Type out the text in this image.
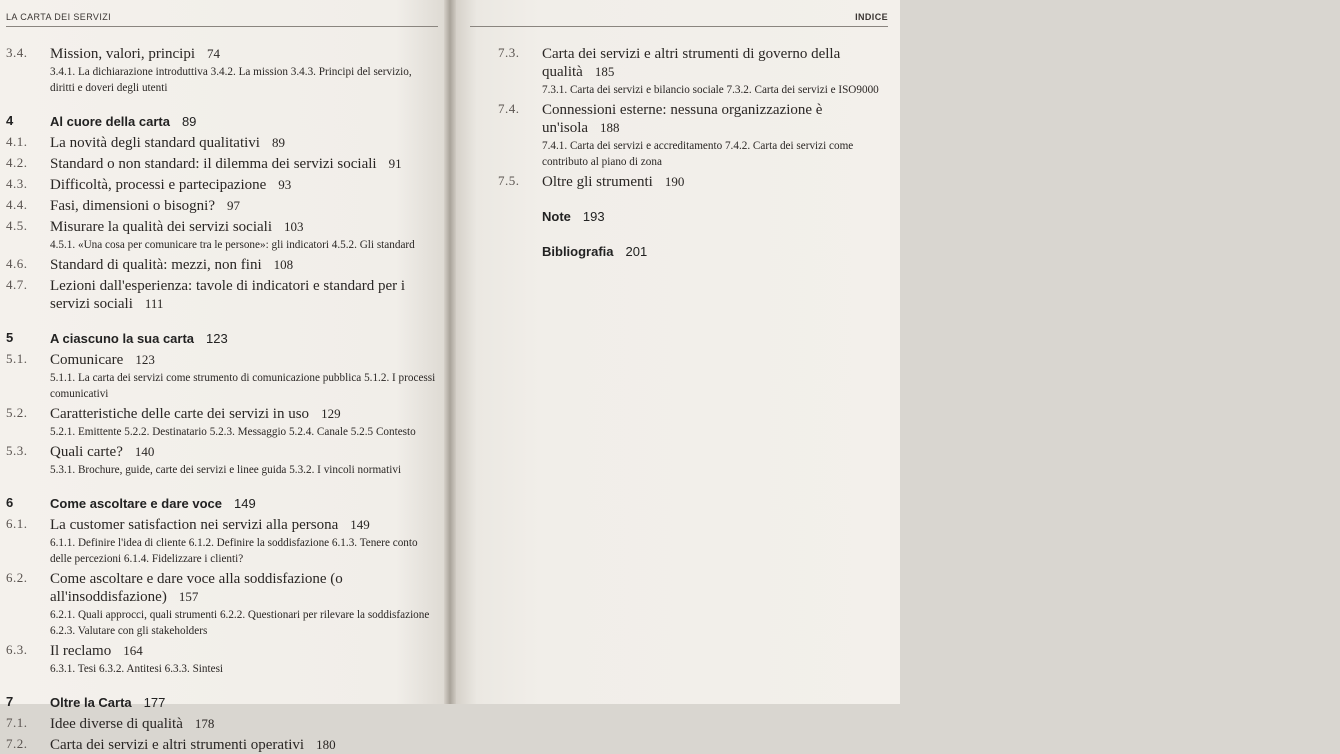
LA CARTA DEI SERVIZI
3.4.	Mission, valori, principi 74
3.4.1. La dichiarazione introduttiva 3.4.2. La mission 3.4.3. Principi del servizio, diritti e doveri degli utenti
4	Al cuore della carta 89
4.1.	La novità degli standard qualitativi 89
4.2.	Standard o non standard: il dilemma dei servizi sociali 91
4.3.	Difficoltà, processi e partecipazione 93
4.4.	Fasi, dimensioni o bisogni? 97
4.5.	Misurare la qualità dei servizi sociali 103
4.5.1. «Una cosa per comunicare tra le persone»: gli indicatori 4.5.2. Gli standard
4.6.	Standard di qualità: mezzi, non fini 108
4.7.	Lezioni dall'esperienza: tavole di indicatori e standard per i servizi sociali 111
5	A ciascuno la sua carta 123
5.1.	Comunicare 123
5.1.1. La carta dei servizi come strumento di comunicazione pubblica 5.1.2. I processi comunicativi
5.2.	Caratteristiche delle carte dei servizi in uso 129
5.2.1. Emittente 5.2.2. Destinatario 5.2.3. Messaggio 5.2.4. Canale 5.2.5 Contesto
5.3.	Quali carte? 140
5.3.1. Brochure, guide, carte dei servizi e linee guida 5.3.2. I vincoli normativi
6	Come ascoltare e dare voce 149
6.1.	La customer satisfaction nei servizi alla persona 149
6.1.1. Definire l'idea di cliente 6.1.2. Definire la soddisfazione 6.1.3. Tenere conto delle percezioni 6.1.4. Fidelizzare i clienti?
6.2.	Come ascoltare e dare voce alla soddisfazione (o all'insoddisfazione) 157
6.2.1. Quali approcci, quali strumenti 6.2.2. Questionari per rilevare la soddisfazione 6.2.3. Valutare con gli stakeholders
6.3.	Il reclamo 164
6.3.1. Tesi 6.3.2. Antitesi 6.3.3. Sintesi
7	Oltre la Carta 177
7.1.	Idee diverse di qualità 178
7.2.	Carta dei servizi e altri strumenti operativi 180
INDICE
7.3.	Carta dei servizi e altri strumenti di governo della qualità 185
7.3.1. Carta dei servizi e bilancio sociale 7.3.2. Carta dei servizi e ISO9000
7.4.	Connessioni esterne: nessuna organizzazione è un'isola 188
7.4.1. Carta dei servizi e accreditamento 7.4.2. Carta dei servizi come contributo al piano di zona
7.5.	Oltre gli strumenti 190
Note 193
Bibliografia 201
